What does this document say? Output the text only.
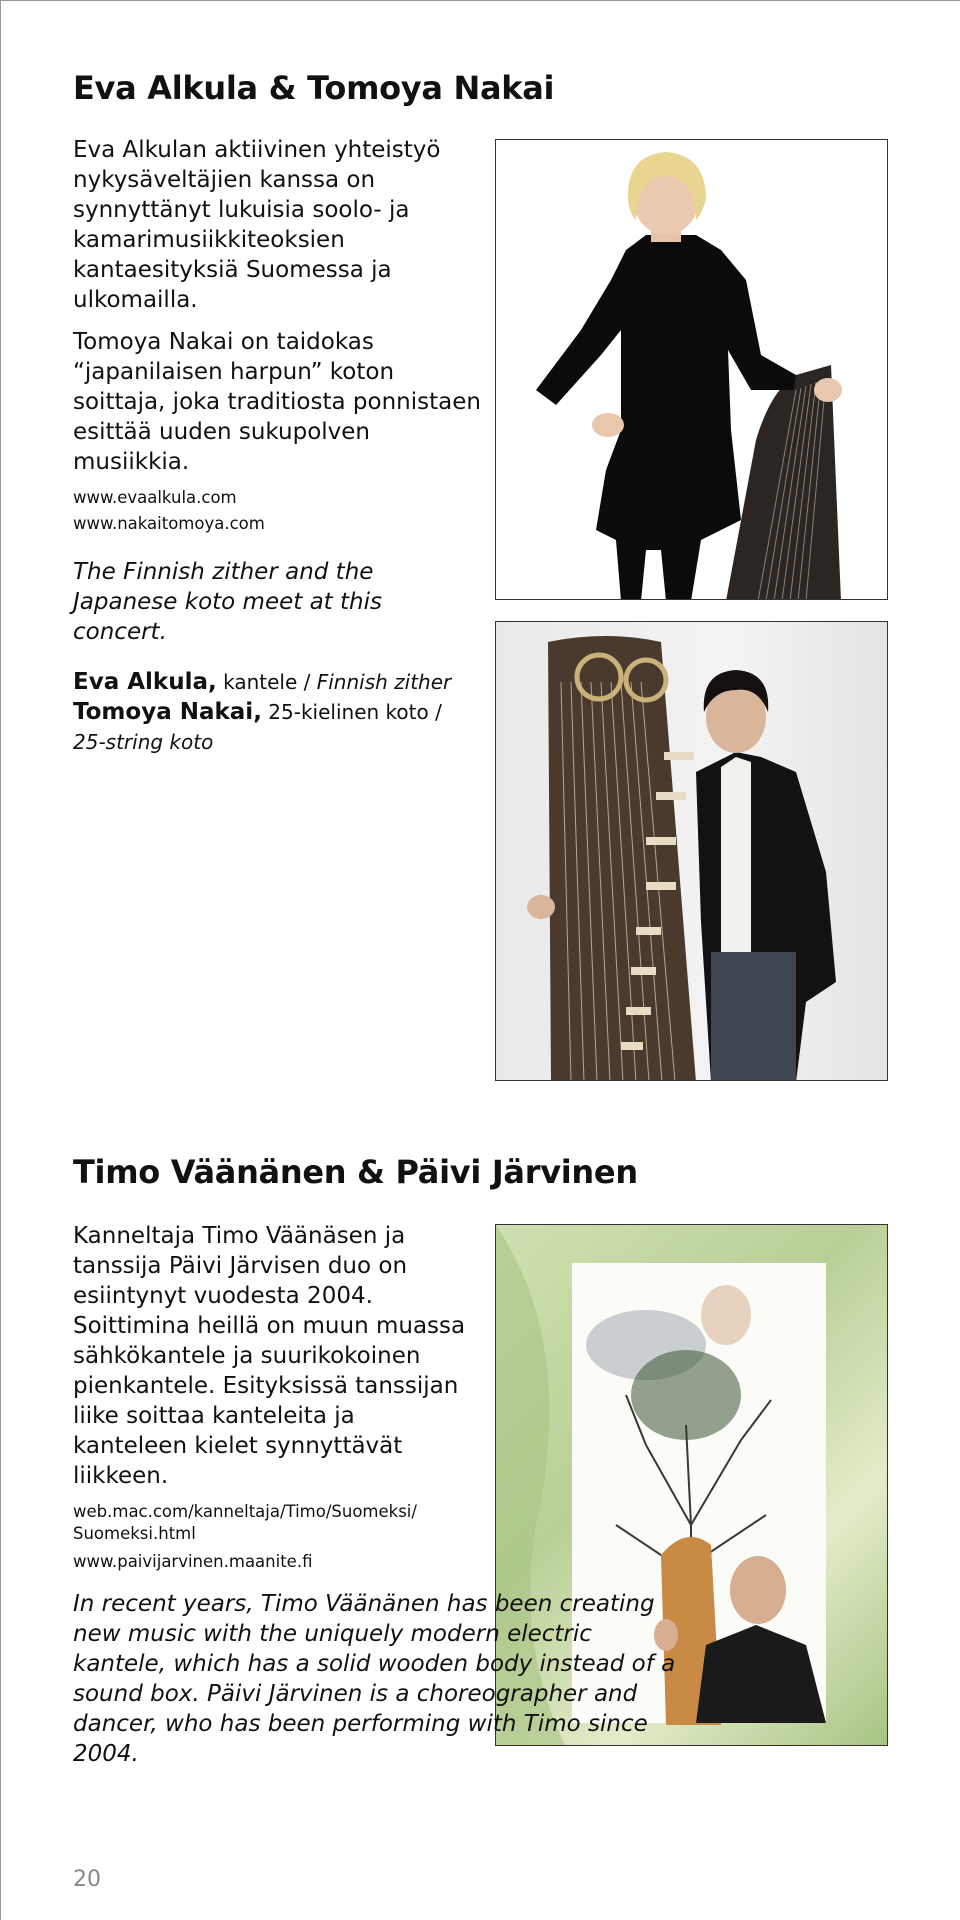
Eva Alkula & Tomoya Nakai

Eva Alkulan aktiivinen yhteistyö nykysäveltäjien kanssa on synnyttänyt lukuisia soolo- ja kamarimusiikkiteoksien kantaesityksiä Suomessa ja ulkomailla.

Tomoya Nakai on taidokas “japanilaisen harpun” koton soittaja, joka traditiosta ponnistaen esittää uuden sukupolven musiikkia.

www.evaalkula.com

www.nakaitomoya.com

The Finnish zither and the Japanese koto meet at this concert.

Eva Alkula, kantele / Finnish zither
Tomoya Nakai, 25-kielinen koto /
25-string koto

Timo Väänänen & Päivi Järvinen

Kanneltaja Timo Väänäsen ja tanssija Päivi Järvisen duo on esiintynyt vuodesta 2004. Soittimina heillä on muun muassa sähkökantele ja suurikokoinen pienkantele. Esityksissä tanssijan liike soittaa kanteleita ja kanteleen kielet synnyttävät liikkeen.

web.mac.com/kanneltaja/Timo/Suomeksi/

Suomeksi.html

www.paivijarvinen.maanite.fi

In recent years, Timo Väänänen has been creating new music with the uniquely modern electric kantele, which has a solid wooden body instead of a sound box. Päivi Järvinen is a choreographer and dancer, who has been performing with Timo since 2004.

20
